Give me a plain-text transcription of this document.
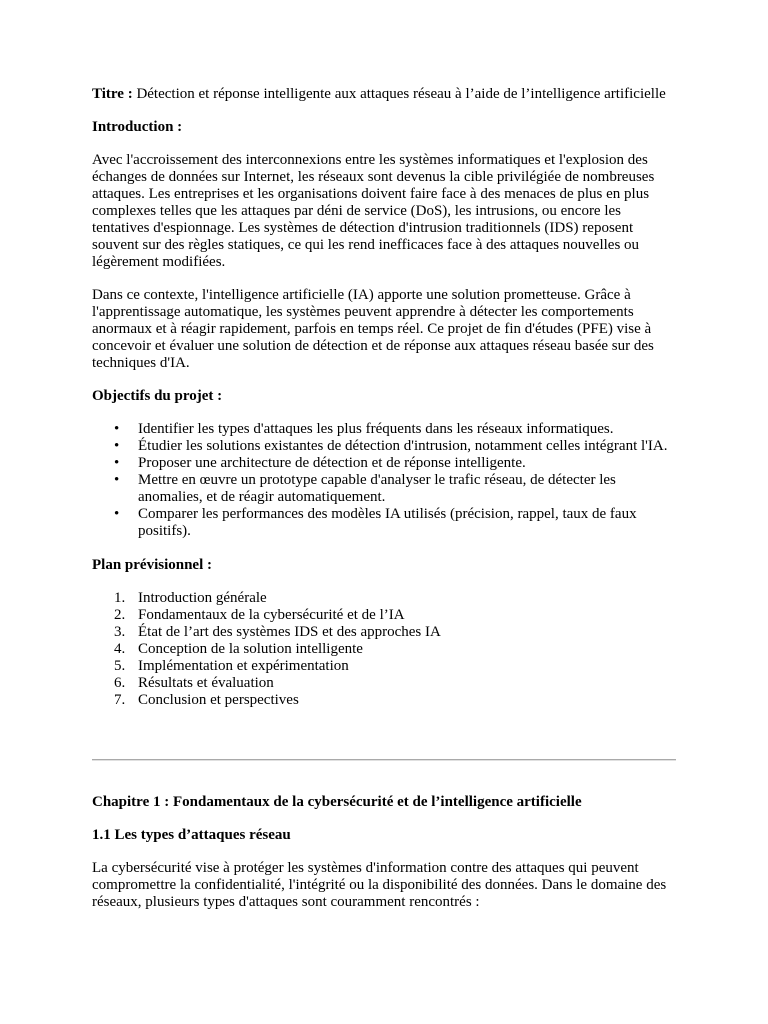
Titre : Détection et réponse intelligente aux attaques réseau à l’aide de l’intelligence artificielle

Introduction :

Avec l'accroissement des interconnexions entre les systèmes informatiques et l'explosion des échanges de données sur Internet, les réseaux sont devenus la cible privilégiée de nombreuses attaques. Les entreprises et les organisations doivent faire face à des menaces de plus en plus complexes telles que les attaques par déni de service (DoS), les intrusions, ou encore les tentatives d'espionnage. Les systèmes de détection d'intrusion traditionnels (IDS) reposent souvent sur des règles statiques, ce qui les rend inefficaces face à des attaques nouvelles ou légèrement modifiées.

Dans ce contexte, l'intelligence artificielle (IA) apporte une solution prometteuse. Grâce à l'apprentissage automatique, les systèmes peuvent apprendre à détecter les comportements anormaux et à réagir rapidement, parfois en temps réel. Ce projet de fin d'études (PFE) vise à concevoir et évaluer une solution de détection et de réponse aux attaques réseau basée sur des techniques d'IA.

Objectifs du projet :

• Identifier les types d'attaques les plus fréquents dans les réseaux informatiques.
• Étudier les solutions existantes de détection d'intrusion, notamment celles intégrant l'IA.
• Proposer une architecture de détection et de réponse intelligente.
• Mettre en œuvre un prototype capable d'analyser le trafic réseau, de détecter les anomalies, et de réagir automatiquement.
• Comparer les performances des modèles IA utilisés (précision, rappel, taux de faux positifs).

Plan prévisionnel :

1. Introduction générale
2. Fondamentaux de la cybersécurité et de l’IA
3. État de l’art des systèmes IDS et des approches IA
4. Conception de la solution intelligente
5. Implémentation et expérimentation
6. Résultats et évaluation
7. Conclusion et perspectives

Chapitre 1 : Fondamentaux de la cybersécurité et de l’intelligence artificielle

1.1 Les types d’attaques réseau

La cybersécurité vise à protéger les systèmes d'information contre des attaques qui peuvent compromettre la confidentialité, l'intégrité ou la disponibilité des données. Dans le domaine des réseaux, plusieurs types d'attaques sont couramment rencontrés :
